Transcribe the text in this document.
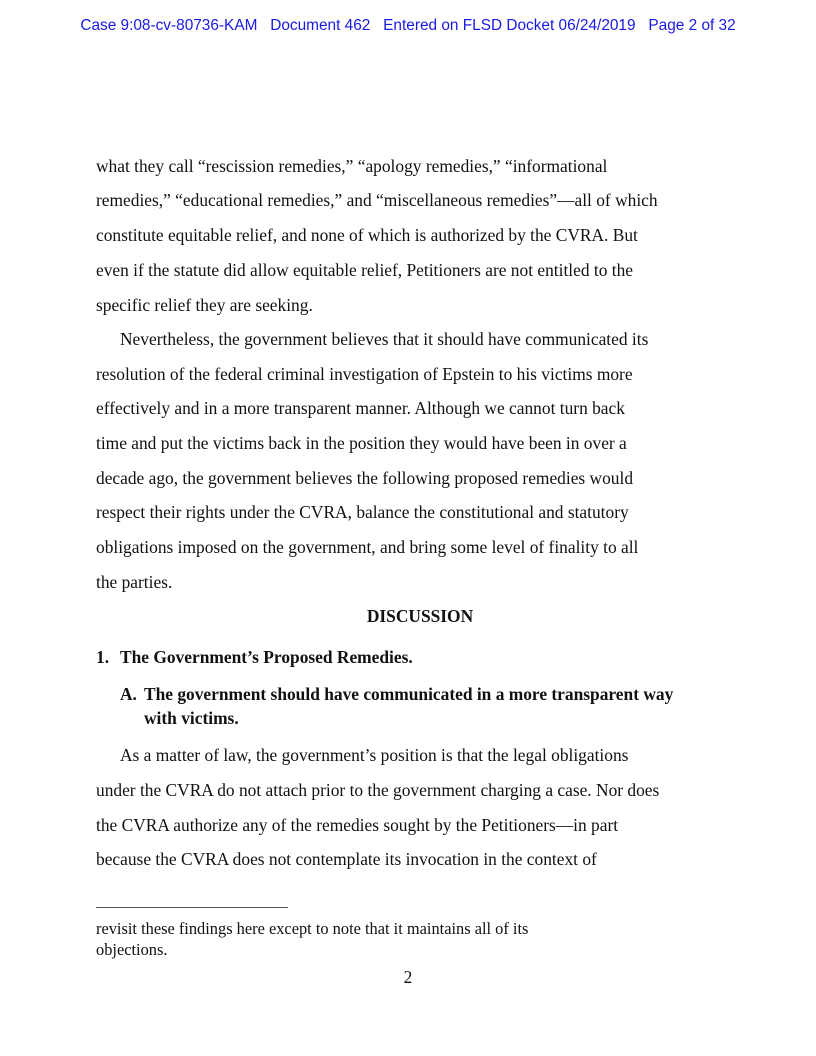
Case 9:08-cv-80736-KAM   Document 462   Entered on FLSD Docket 06/24/2019   Page 2 of 32
what they call “rescission remedies,” “apology remedies,” “informational
remedies,” “educational remedies,” and “miscellaneous remedies”—all of which
constitute equitable relief, and none of which is authorized by the CVRA. But
even if the statute did allow equitable relief, Petitioners are not entitled to the
specific relief they are seeking.
Nevertheless, the government believes that it should have communicated its
resolution of the federal criminal investigation of Epstein to his victims more
effectively and in a more transparent manner. Although we cannot turn back
time and put the victims back in the position they would have been in over a
decade ago, the government believes the following proposed remedies would
respect their rights under the CVRA, balance the constitutional and statutory
obligations imposed on the government, and bring some level of finality to all
the parties.
DISCUSSION
1. The Government’s Proposed Remedies.
A. The government should have communicated in a more transparent way
with victims.
As a matter of law, the government’s position is that the legal obligations
under the CVRA do not attach prior to the government charging a case. Nor does
the CVRA authorize any of the remedies sought by the Petitioners—in part
because the CVRA does not contemplate its invocation in the context of
revisit these findings here except to note that it maintains all of its
objections.
2
